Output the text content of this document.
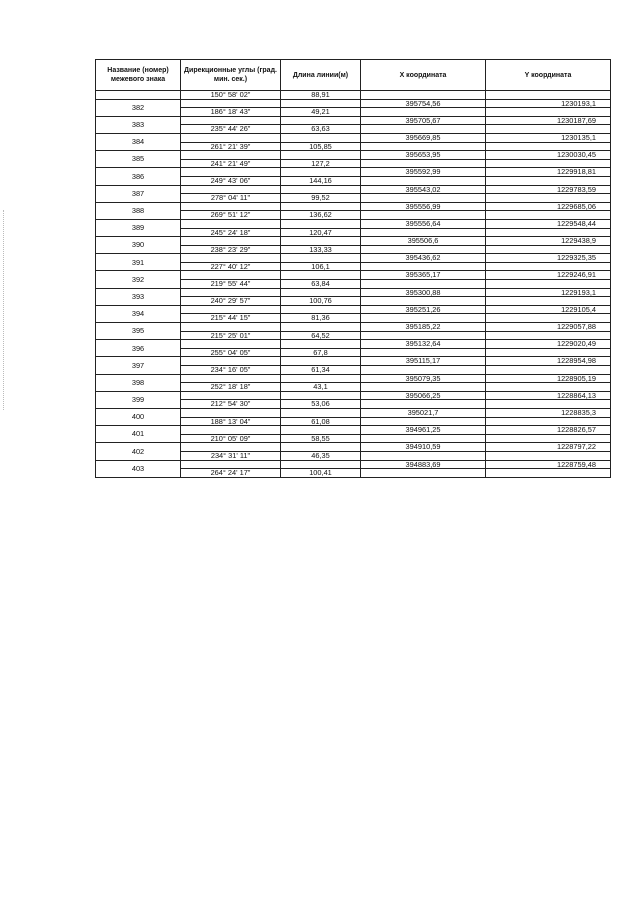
Название (номер) межевого знака	Дирекционные углы (град. мин. сек.)	Длина линии(м)	X координата	Y координата
	150° 58' 02"	88,91		

382			395754,56	1230193,1

	186° 18' 43"	49,21		

383			395705,67	1230187,69

	235° 44' 26"	63,63		

384			395669,85	1230135,1

	261° 21' 39"	105,85		

385			395653,95	1230030,45

	241° 21' 49"	127,2		

386			395592,99	1229918,81

	249° 43' 06"	144,16		

387			395543,02	1229783,59

	278° 04' 11"	99,52		

388			395556,99	1229685,06

	269° 51' 12"	136,62		

389			395556,64	1229548,44

	245° 24' 18"	120,47		

390			395506,6	1229438,9

	238° 23' 29"	133,33		

391			395436,62	1229325,35

	227° 40' 12"	106,1		

392			395365,17	1229246,91

	219° 55' 44"	63,84		

393			395300,88	1229193,1

	240° 29' 57"	100,76		

394			395251,26	1229105,4

	215° 44' 15"	81,36		

395			395185,22	1229057,88

	215° 25' 01"	64,52		

396			395132,64	1229020,49

	255° 04' 05"	67,8		

397			395115,17	1228954,98

	234° 16' 05"	61,34		

398			395079,35	1228905,19

	252° 18' 18"	43,1		

399			395066,25	1228864,13

	212° 54' 30"	53,06		

400			395021,7	1228835,3

	188° 13' 04"	61,08		

401			394961,25	1228826,57

	210° 05' 09"	58,55		

402			394910,59	1228797,22

	234° 31' 11"	46,35		

403			394883,69	1228759,48

	264° 24' 17"	100,41		
